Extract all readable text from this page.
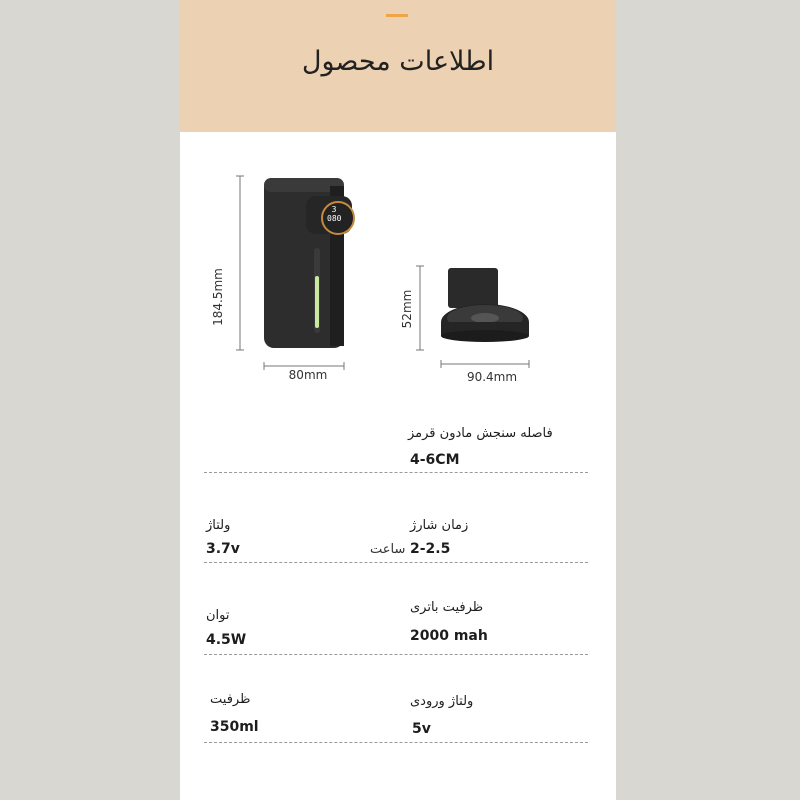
اطلاعات محصول
3
080
184.5mm
80mm
52mm
90.4mm
فاصله سنجش مادون قرمز
4-6CM
ولتاژ
3.7v
زمان شارژ
2-2.5
ساعت
توان
4.5W
ظرفیت باتری
2000 mah
ظرفیت
350ml
ولتاژ ورودی
5v
